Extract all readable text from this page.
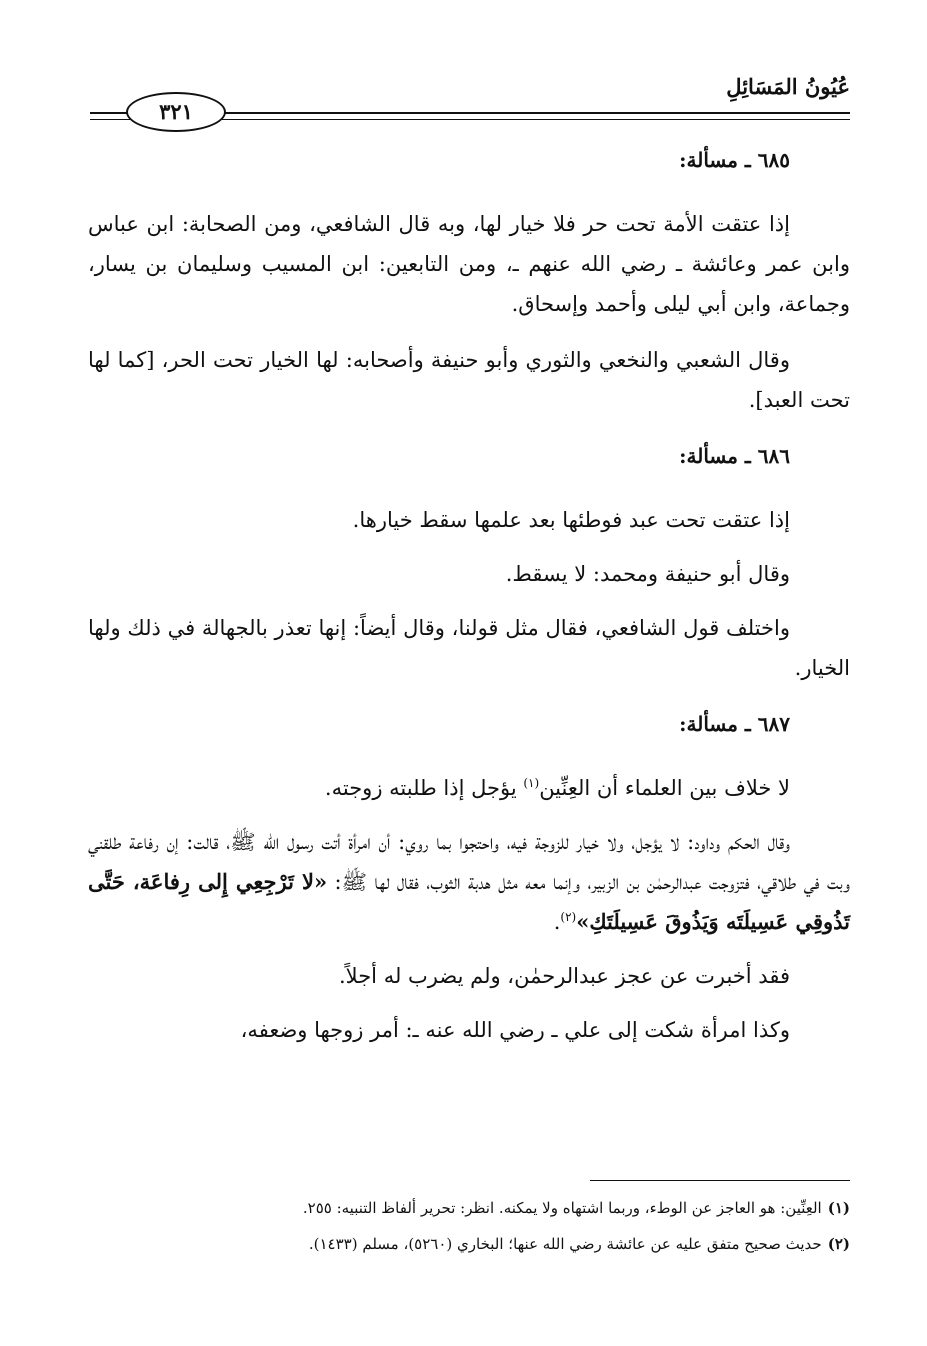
عُيُونُ المَسَائِلِ
٣٢١
٦٨٥ ـ مسألة:

إذا عتقت الأمة تحت حر فلا خيار لها، وبه قال الشافعي، ومن الصحابة: ابن عباس وابن عمر وعائشة ـ رضي الله عنهم ـ، ومن التابعين: ابن المسيب وسليمان بن يسار، وجماعة، وابن أبي ليلى وأحمد وإسحاق.

وقال الشعبي والنخعي والثوري وأبو حنيفة وأصحابه: لها الخيار تحت الحر، [كما لها تحت العبد].

٦٨٦ ـ مسألة:

إذا عتقت تحت عبد فوطئها بعد علمها سقط خيارها.

وقال أبو حنيفة ومحمد: لا يسقط.

واختلف قول الشافعي، فقال مثل قولنا، وقال أيضاً: إنها تعذر بالجهالة في ذلك ولها الخيار.

٦٨٧ ـ مسألة:

لا خلاف بين العلماء أن العِنِّين$^{(١)}$ يؤجل إذا طلبته زوجته.

وقال الحكم وداود: لا يؤجل، ولا خيار للزوجة فيه، واحتجوا بما روي: أن امرأة أتت رسول الله ﷺ، قالت: إن رفاعة طلقني وبت في طلاقي، فتزوجت عبدالرحمٰن بن الزبير، وإنما معه مثل هدبة الثوب، فقال لها ﷺ: «لا تَرْجِعِي إِلى رِفاعَة، حَتَّى تَذُوقِي عَسِيلَتَه وَيَذُوقَ عَسِيلَتَكِ»$^{(٢)}$.

فقد أخبرت عن عجز عبدالرحمٰن، ولم يضرب له أجلاً.

وكذا امرأة شكت إلى علي ـ رضي الله عنه ـ: أمر زوجها وضعفه،

(١)العِنِّين: هو العاجز عن الوطء، وربما اشتهاه ولا يمكنه. انظر: تحرير ألفاظ التنبيه: ٢٥٥.

(٢)حديث صحيح متفق عليه عن عائشة رضي الله عنها؛ البخاري (٥٢٦٠)، مسلم (١٤٣٣).
